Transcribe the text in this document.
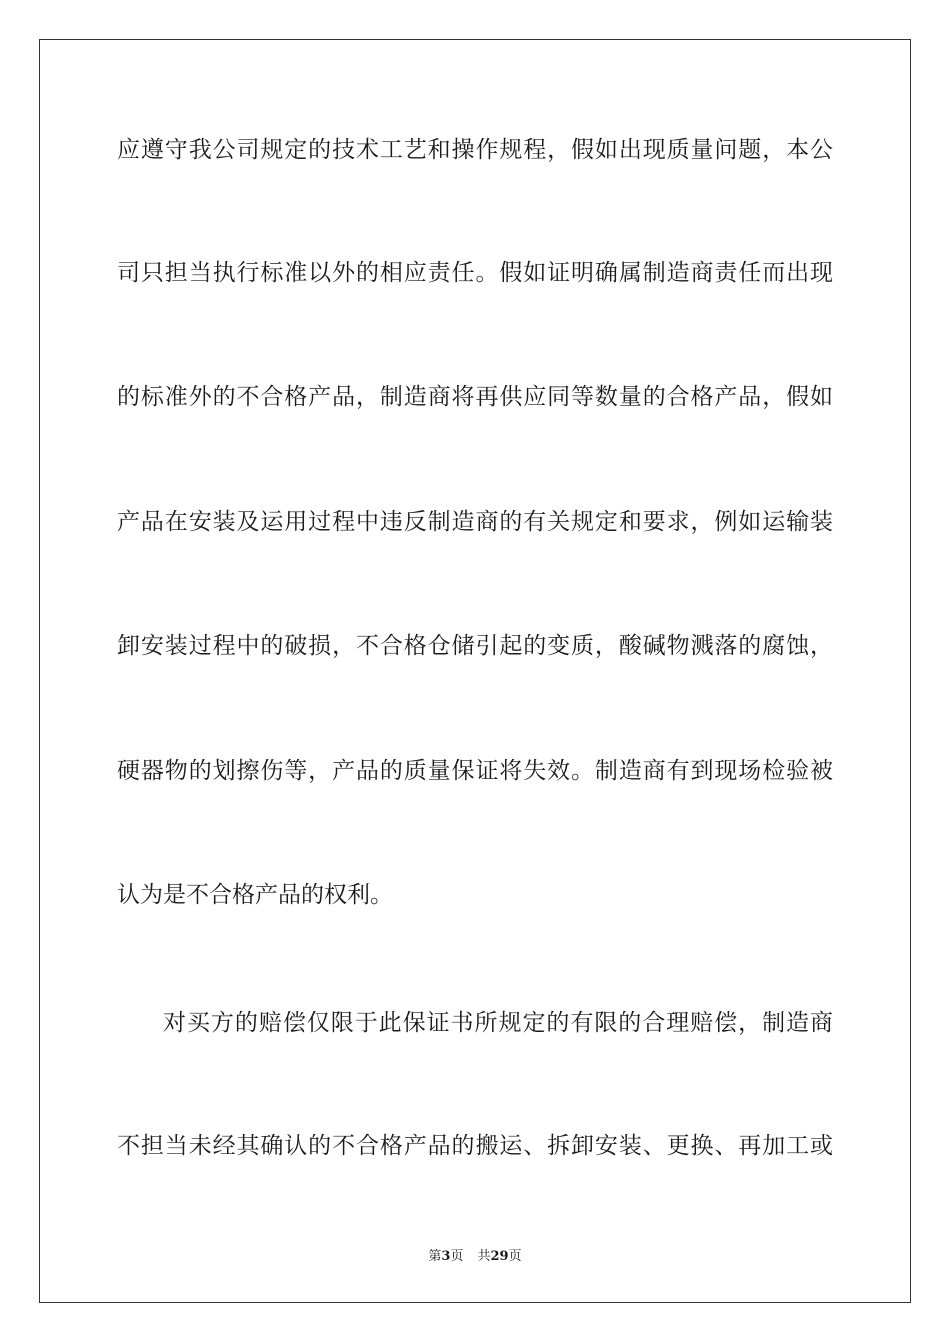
应遵守我公司规定的技术工艺和操作规程，假如出现质量问题，本公
司只担当执行标准以外的相应责任。假如证明确属制造商责任而出现
的标准外的不合格产品，制造商将再供应同等数量的合格产品，假如
产品在安装及运用过程中违反制造商的有关规定和要求，例如运输装
卸安装过程中的破损，不合格仓储引起的变质，酸碱物溅落的腐蚀，
硬器物的划擦伤等，产品的质量保证将失效。制造商有到现场检验被
认为是不合格产品的权利。
对买方的赔偿仅限于此保证书所规定的有限的合理赔偿，制造商
不担当未经其确认的不合格产品的搬运、拆卸安装、更换、再加工或
第3页 共29页
